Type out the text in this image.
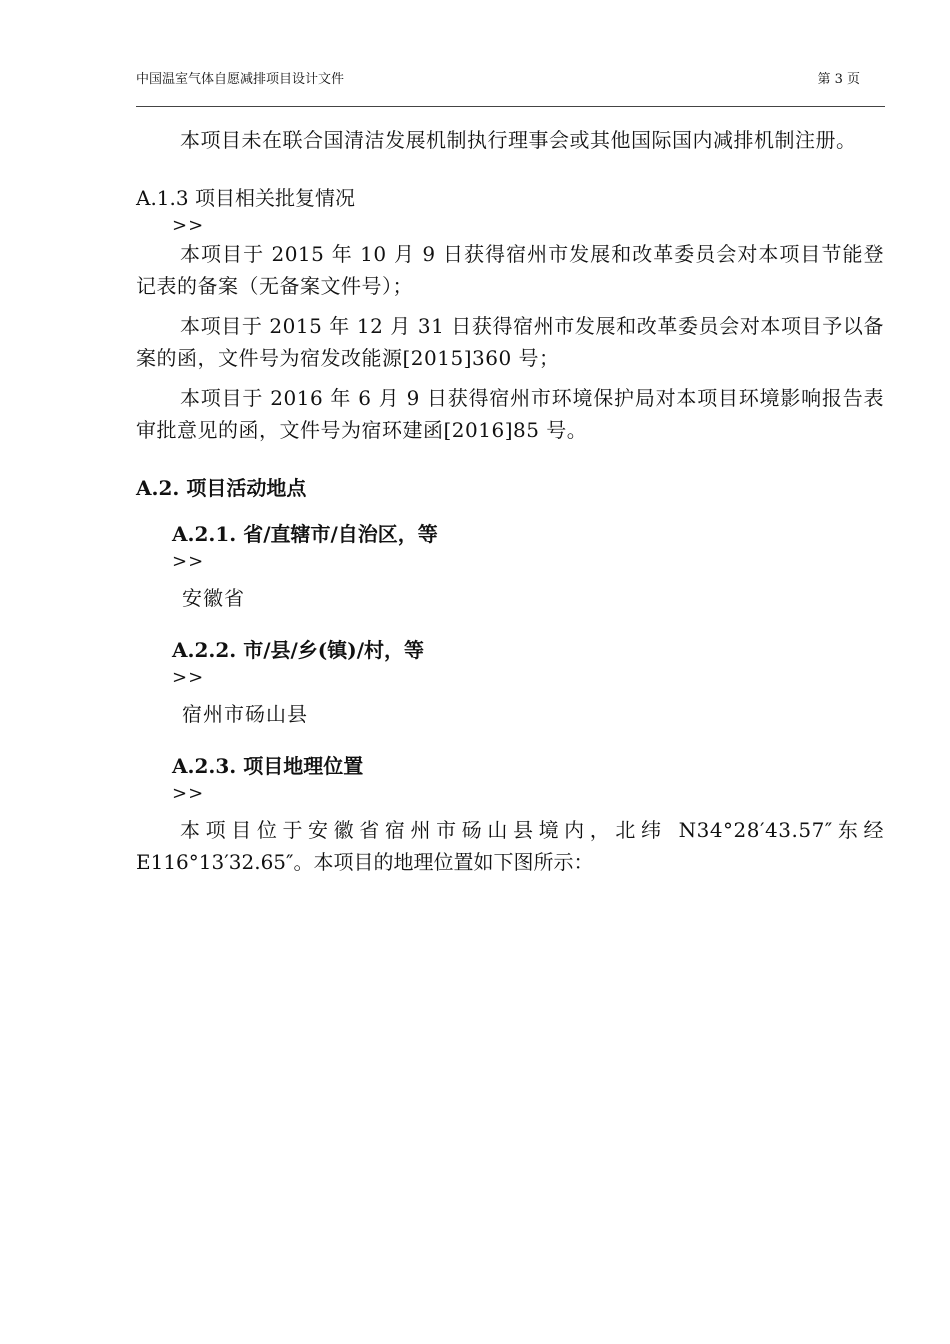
中国温室气体自愿减排项目设计文件	第 3 页

本项目未在联合国清洁发展机制执行理事会或其他国际国内减排机制注册。

A.1.3 项目相关批复情况

>>

本项目于 2015 年 10 月 9 日获得宿州市发展和改革委员会对本项目节能登记表的备案（无备案文件号）；

本项目于 2015 年 12 月 31 日获得宿州市发展和改革委员会对本项目予以备案的函，文件号为宿发改能源[2015]360 号；

本项目于 2016 年 6 月 9 日获得宿州市环境保护局对本项目环境影响报告表审批意见的函，文件号为宿环建函[2016]85 号。

A.2. 项目活动地点

A.2.1. 省/直辖市/自治区，等

>>

安徽省

A.2.2. 市/县/乡(镇)/村，等

>>

宿州市砀山县

A.2.3. 项目地理位置

>>

本项目位于安徽省宿州市砀山县境内，北纬 N34°28′43.57″东经

E116°13′32.65″。本项目的地理位置如下图所示：
